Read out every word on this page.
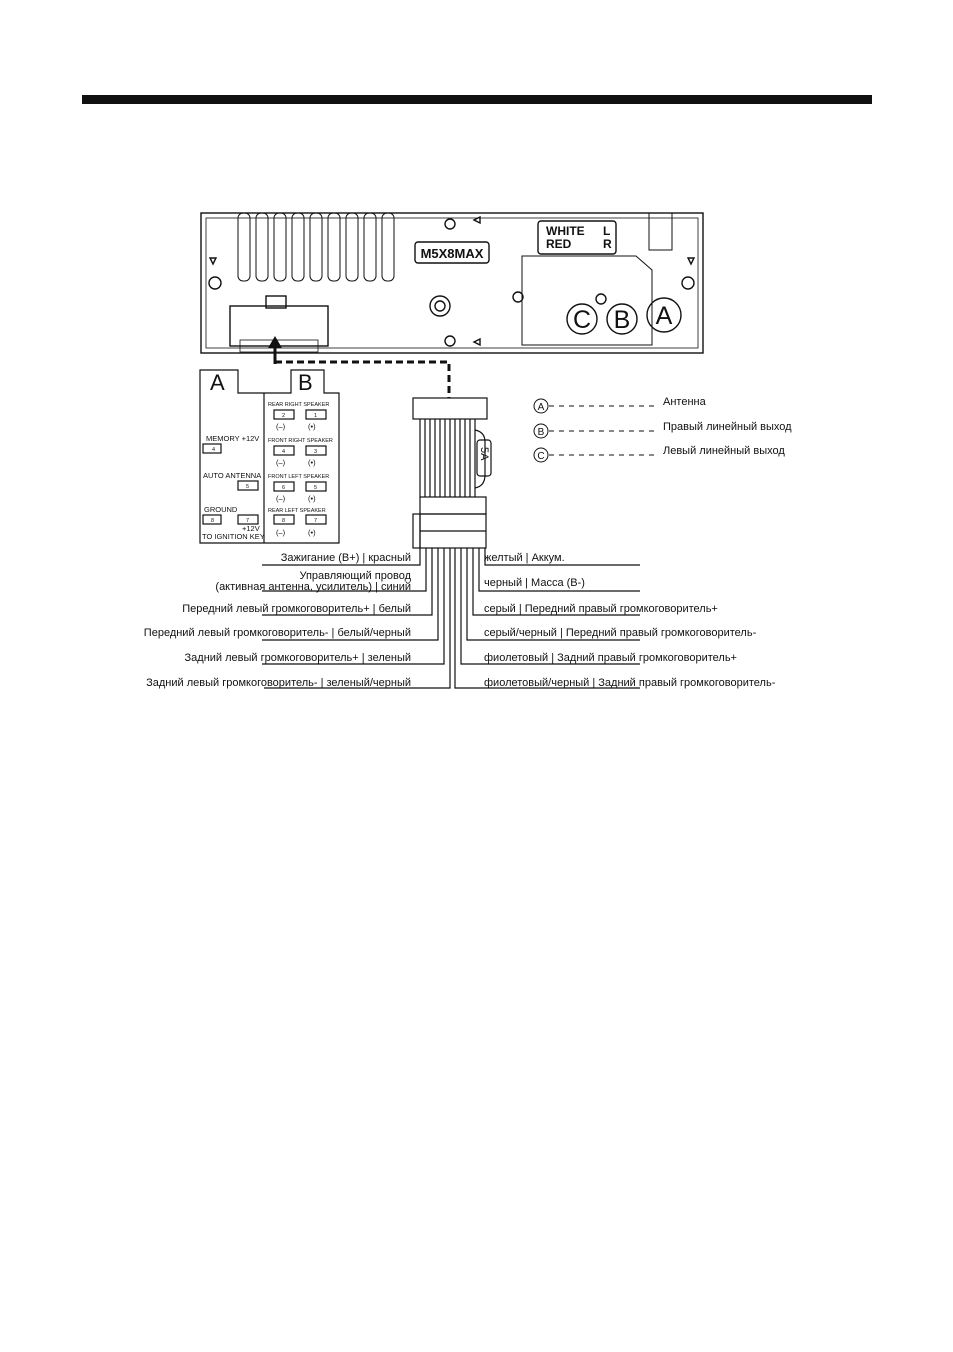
M5X8MAX
WHITE L
RED	R
C B A
A	B
MEMORY +12V
4
AUTO ANTENNA
5
GROUND
8	7
+12V
TO IGNITION KEY
REAR RIGHT SPEAKER
2	1
(–)	(•)
FRONT RIGHT SPEAKER
4	3
(–)	(•)
FRONT LEFT SPEAKER
6	5
(–)	(•)
REAR LEFT SPEAKER
8	7
(–)	(•)
5A
Зажигание (B+) | красный
Управляющий провод
(активная антенна, усилитель) | синий
Передний левый громкоговоритель+ | белый
Передний левый громкоговоритель- | белый/черный
Задний левый громкоговоритель+ | зеленый
Задний левый громкоговоритель- | зеленый/черный
желтый | Аккум.
черный | Масса (B-)
серый | Передний правый громкоговоритель+
серый/черный | Передний правый громкоговоритель-
фиолетовый | Задний правый громкоговоритель+
фиолетовый/черный | Задний правый громкоговоритель-
A	Антенна
B	Правый линейный выход
C	Левый линейный выход
